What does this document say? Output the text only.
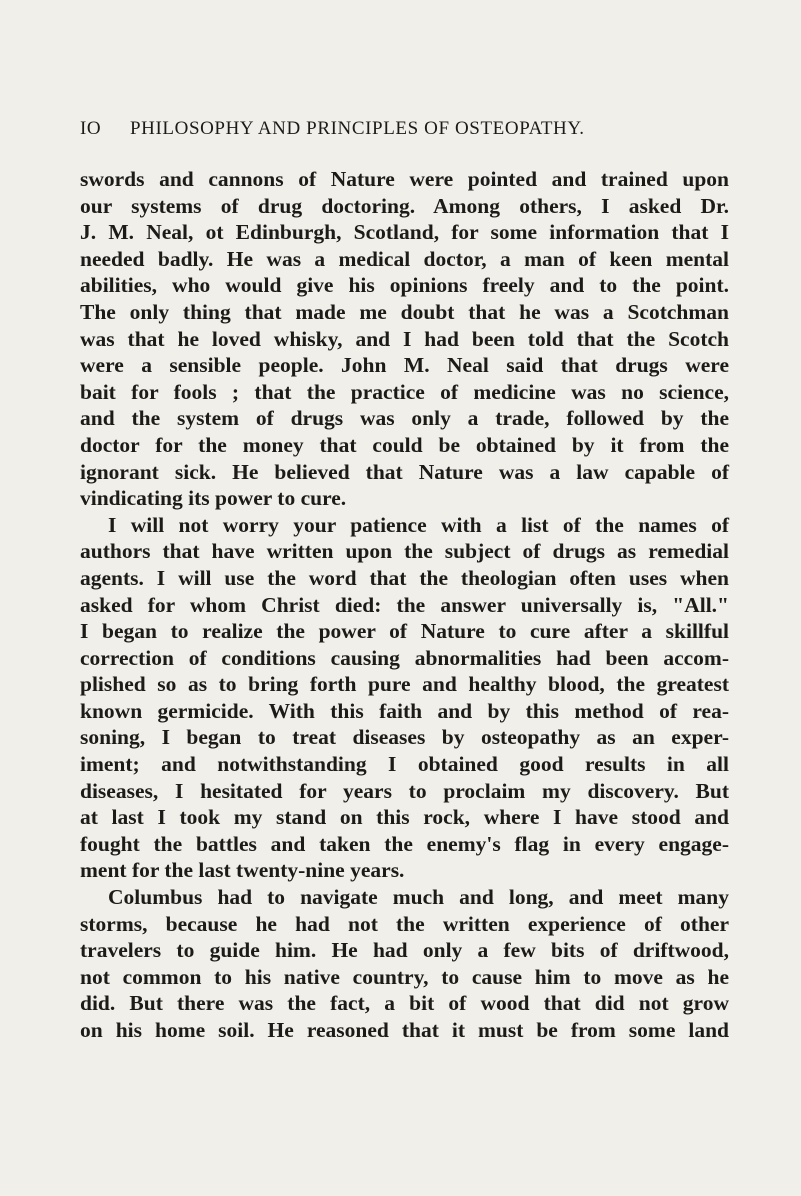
IO PHILOSOPHY AND PRINCIPLES OF OSTEOPATHY.
swords and cannons of Nature were pointed and trained upon
our systems of drug doctoring. Among others, I asked Dr.
J. M. Neal, ot Edinburgh, Scotland, for some information that I
needed badly. He was a medical doctor, a man of keen mental
abilities, who would give his opinions freely and to the point.
The only thing that made me doubt that he was a Scotchman
was that he loved whisky, and I had been told that the Scotch
were a sensible people. John M. Neal said that drugs were
bait for fools ; that the practice of medicine was no science,
and the system of drugs was only a trade, followed by the
doctor for the money that could be obtained by it from the
ignorant sick. He believed that Nature was a law capable of
vindicating its power to cure.
I will not worry your patience with a list of the names of
authors that have written upon the subject of drugs as remedial
agents. I will use the word that the theologian often uses when
asked for whom Christ died: the answer universally is, "All."
I began to realize the power of Nature to cure after a skillful
correction of conditions causing abnormalities had been accom-
plished so as to bring forth pure and healthy blood, the greatest
known germicide. With this faith and by this method of rea-
soning, I began to treat diseases by osteopathy as an exper-
iment; and notwithstanding I obtained good results in all
diseases, I hesitated for years to proclaim my discovery. But
at last I took my stand on this rock, where I have stood and
fought the battles and taken the enemy's flag in every engage-
ment for the last twenty-nine years.
Columbus had to navigate much and long, and meet many
storms, because he had not the written experience of other
travelers to guide him. He had only a few bits of driftwood,
not common to his native country, to cause him to move as he
did. But there was the fact, a bit of wood that did not grow
on his home soil. He reasoned that it must be from some land
